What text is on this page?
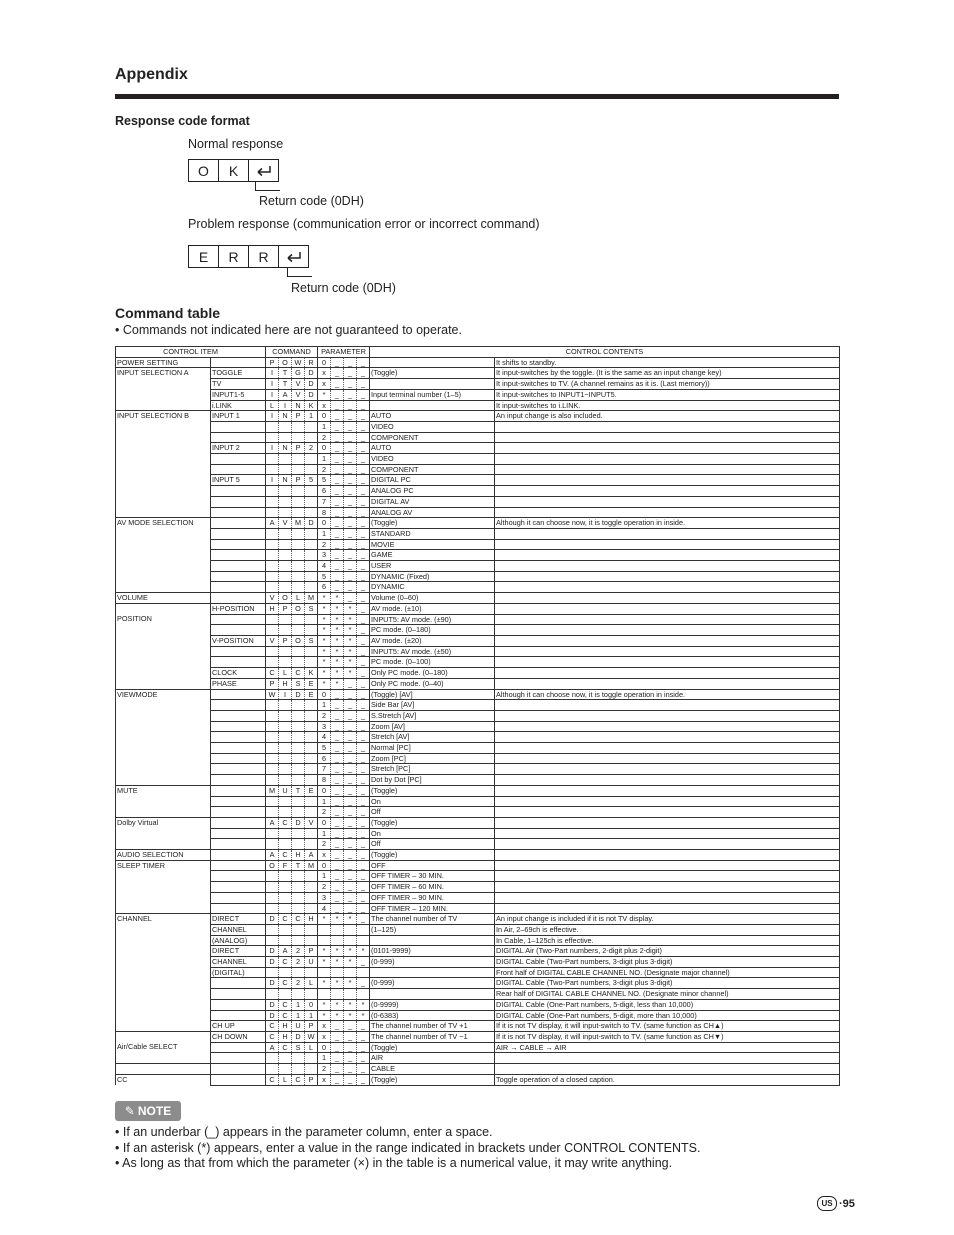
Appendix
Response code format
Normal response
O	K
Return code (0DH)
Problem response (communication error or incorrect command)
E	R	R
Return code (0DH)
Command table
• Commands not indicated here are not guaranteed to operate.
CONTROL ITEM		COMMAND				PARAMETER				CONTROL CONTENTS	
POWER SETTING		P	O	W	R	0	_	_	_		It shifts to standby.
INPUT SELECTION A	TOGGLE	I	T	G	D	x	_	_	_	(Toggle)	It input-switches by the toggle. (It is the same as an input change key)
	TV	I	T	V	D	x	_	_	_		It input-switches to TV. (A channel remains as it is. (Last memory))
	INPUT1-5	I	A	V	D	*	_	_	_	Input terminal number (1–5)	It input-switches to INPUT1~INPUT5.
	i.LINK	L	I	N	K	x	_	_	_		It input-switches to i.LINK.
INPUT SELECTION B	INPUT 1	I	N	P	1	0	_	_	_	AUTO	An input change is also included.
						1	_	_	_	VIDEO	
						2	_	_	_	COMPONENT	
	INPUT 2	I	N	P	2	0	_	_	_	AUTO	
						1	_	_	_	VIDEO	
						2	_	_	_	COMPONENT	
	INPUT 5	I	N	P	5	5	_	_	_	DIGITAL PC	
						6	_	_	_	ANALOG PC	
						7	_	_	_	DIGITAL AV	
						8	_	_	_	ANALOG AV	
AV MODE SELECTION		A	V	M	D	0	_	_	_	(Toggle)	Although it can choose now, it is toggle operation in inside.
						1	_	_	_	STANDARD	
						2	_	_	_	MOVIE	
						3	_	_	_	GAME	
						4	_	_	_	USER	
						5	_	_	_	DYNAMIC (Fixed)	
						6	_	_	_	DYNAMIC	
VOLUME		V	O	L	M	*	*	_	_	Volume (0–60)	
	H-POSITION	H	P	O	S	*	*	*	_	AV mode. (±10)	
POSITION						*	*	*	_	INPUT5: AV mode. (±90)	
						*	*	*	_	PC mode. (0–180)	
	V-POSITION	V	P	O	S	*	*	*	_	AV mode. (±20)	
						*	*	*	_	INPUT5: AV mode. (±50)	
						*	*	*	_	PC mode. (0–100)	
	CLOCK	C	L	C	K	*	*	*	_	Only PC mode. (0–180)	
	PHASE	P	H	S	E	*	*	_	_	Only PC mode. (0–40)	
VIEWMODE		W	I	D	E	0	_	_	_	(Toggle) [AV]	Although it can choose now, it is toggle operation in inside.
						1	_	_	_	Side Bar [AV]	
						2	_	_	_	S.Stretch [AV]	
						3	_	_	_	Zoom [AV]	
						4	_	_	_	Stretch [AV]	
						5	_	_	_	Normal [PC]	
						6	_	_	_	Zoom [PC]	
						7	_	_	_	Stretch [PC]	
						8	_	_	_	Dot by Dot [PC]	
MUTE		M	U	T	E	0	_	_	_	(Toggle)	
						1	_	_	_	On	
						2	_	_	_	Off	
Dolby Virtual		A	C	D	V	0	_	_	_	(Toggle)	
						1	_	_	_	On	
						2	_	_	_	Off	
AUDIO SELECTION		A	C	H	A	x	_	_	_	(Toggle)	
SLEEP TIMER		O	F	T	M	0	_	_	_	OFF	
						1	_	_	_	OFF TIMER – 30 MIN.	
						2	_	_	_	OFF TIMER – 60 MIN.	
						3	_	_	_	OFF TIMER – 90 MIN.	
						4	_	_	_	OFF TIMER – 120 MIN.	
CHANNEL	DIRECT	D	C	C	H	*	*	*	_	The channel number of TV	An input change is included if it is not TV display.
	CHANNEL									(1–125)	In Air, 2–69ch is effective.
	(ANALOG)										In Cable, 1–125ch is effective.
	DIRECT	D	A	2	P	*	*	*	*	(0101-9999)	DIGITAL Air (Two-Part numbers, 2-digit plus 2-digit)
	CHANNEL	D	C	2	U	*	*	*	_	(0-999)	DIGITAL Cable (Two-Part numbers, 3-digit plus 3-digit)
	(DIGITAL)										Front half of DIGITAL CABLE CHANNEL NO. (Designate major channel)
		D	C	2	L	*	*	*	_	(0-999)	DIGITAL Cable (Two-Part numbers, 3-digit plus 3-digit)
											Rear half of DIGITAL CABLE CHANNEL NO. (Designate minor channel)
		D	C	1	0	*	*	*	*	(0-9999)	DIGITAL Cable (One-Part numbers, 5-digit, less than 10,000)
		D	C	1	1	*	*	*	*	(0-6383)	DIGITAL Cable (One-Part numbers, 5-digit, more than 10,000)
	CH UP	C	H	U	P	x	_	_	_	The channel number of TV +1	If it is not TV display, it will input-switch to TV. (same function as CH▲)
	CH DOWN	C	H	D	W	x	_	_	_	The channel number of TV −1	If it is not TV display, it will input-switch to TV. (same function as CH▼)
Air/Cable SELECT		A	C	S	L	0	_	_	_	(Toggle)	AIR → CABLE → AIR
						1	_	_	_	AIR	
						2	_	_	_	CABLE	
CC		C	L	C	P	x	_	_	_	(Toggle)	Toggle operation of a closed caption.
✎ NOTE
• If an underbar (_) appears in the parameter column, enter a space.
• If an asterisk (*) appears, enter a value in the range indicated in brackets under CONTROL CONTENTS.
• As long as that from which the parameter (×) in the table is a numerical value, it may write anything.
US ·95
